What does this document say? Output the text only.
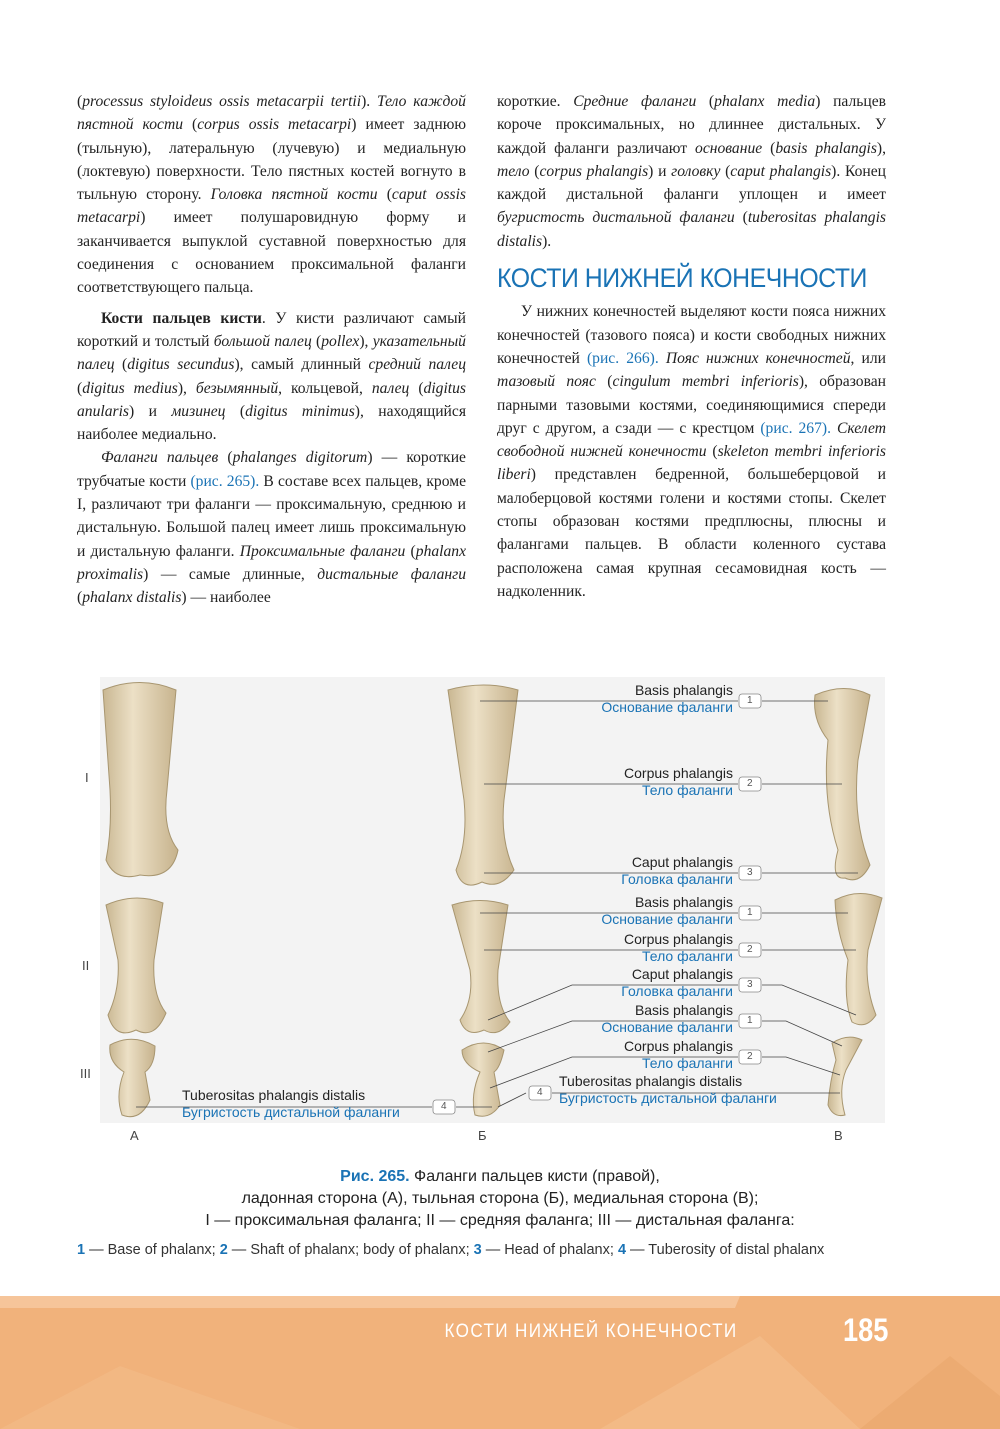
(processus styloideus ossis metacarpii tertii). Тело каждой пястной кости (corpus ossis metacarpi) имеет заднюю (тыльную), латеральную (лучевую) и медиальную (локтевую) поверхности. Тело пястных костей вогнуто в тыльную сторону. Головка пястной кости (caput ossis metacarpi) имеет полушаровидную форму и заканчивается выпуклой суставной поверхностью для соединения с основанием проксимальной фаланги соответствующего пальца.

Кости пальцев кисти. У кисти различают самый короткий и толстый большой палец (pollex), указательный палец (digitus secundus), самый длинный средний палец (digitus medius), безымянный, кольцевой, палец (digitus anularis) и мизинец (digitus minimus), находящийся наиболее медиально.

Фаланги пальцев (phalanges digitorum) — короткие трубчатые кости (рис. 265). В составе всех пальцев, кроме I, различают три фаланги — проксимальную, среднюю и дистальную. Большой палец имеет лишь проксимальную и дистальную фаланги. Проксимальные фаланги (phalanx proximalis) — самые длинные, дистальные фаланги (phalanx distalis) — наиболее

короткие. Средние фаланги (phalanx media) пальцев короче проксимальных, но длиннее дистальных. У каждой фаланги различают основание (basis phalangis), тело (corpus phalangis) и головку (caput phalangis). Конец каждой дистальной фаланги уплощен и имеет бугристость дистальной фаланги (tuberositas phalangis distalis).

КОСТИ НИЖНЕЙ КОНЕЧНОСТИ

У нижних конечностей выделяют кости пояса нижних конечностей (тазового пояса) и кости свободных нижних конечностей (рис. 266). Пояс нижних конечностей, или тазовый пояс (cingulum membri inferioris), образован парными тазовыми костями, соединяющимися спереди друг с другом, а сзади — с крестцом (рис. 267). Скелет свободной нижней конечности (skeleton membri inferioris liberi) представлен бедренной, большеберцовой и малоберцовой костями голени и костями стопы. Скелет стопы образован костями предплюсны, плюсны и фалангами пальцев. В области коленного сустава расположена самая крупная сесамовидная кость — надколенник.

I
II
III
А	Б	В
Basis phalangis
Основание фаланги
Corpus phalangis
Тело фаланги
Caput phalangis
Головка фаланги
Basis phalangis
Основание фаланги
Corpus phalangis
Тело фаланги
Caput phalangis
Головка фаланги
Basis phalangis
Основание фаланги
Corpus phalangis
Тело фаланги
Tuberositas phalangis distalis
Бугристость дистальной фаланги
Tuberositas phalangis distalis
Бугристость дистальной фаланги
1
2
3
1
2
3
1
2
4
4
Рис. 265. Фаланги пальцев кисти (правой),
ладонная сторона (А), тыльная сторона (Б), медиальная сторона (В);
I — проксимальная фаланга; II — средняя фаланга; III — дистальная фаланга:
1 — Base of phalanx; 2 — Shaft of phalanx; body of phalanx; 3 — Head of phalanx; 4 — Tuberosity of distal phalanx
КОСТИ НИЖНЕЙ КОНЕЧНОСТИ	185
